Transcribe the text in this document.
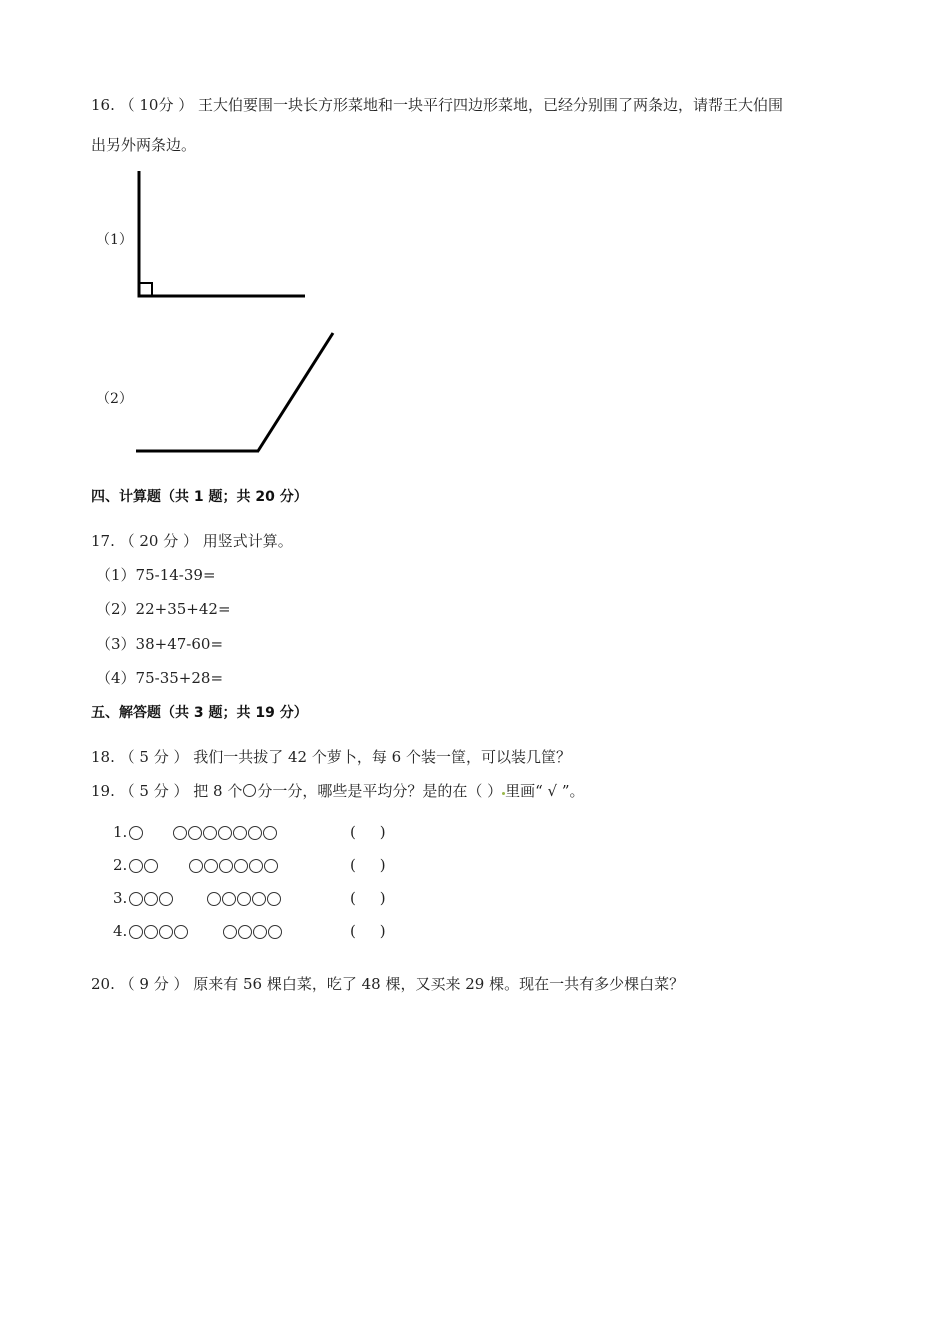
16. （ 10分 ） 王大伯要围一块长方形菜地和一块平行四边形菜地，已经分别围了两条边，请帮王大伯围
出另外两条边。
（1）
（2）
四、计算题（共 1 题；共 20 分）
17. （ 20 分 ） 用竖式计算。
（1）75-14-39=
（2）22+35+42=
（3）38+47-60=
（4）75-35+28=
五、解答题（共 3 题；共 19 分）
18. （ 5 分 ） 我们一共拔了 42 个萝卜，每 6 个装一筐，可以装几筐？
19. （ 5 分 ） 把 8 个 分一分，哪些是平均分？是的在（ ） 里画“ √ ”。
1.	(     )
2.	(     )
3.	(     )
4.	(     )
20. （ 9 分 ） 原来有 56 棵白菜，吃了 48 棵，又买来 29 棵。现在一共有多少棵白菜？
